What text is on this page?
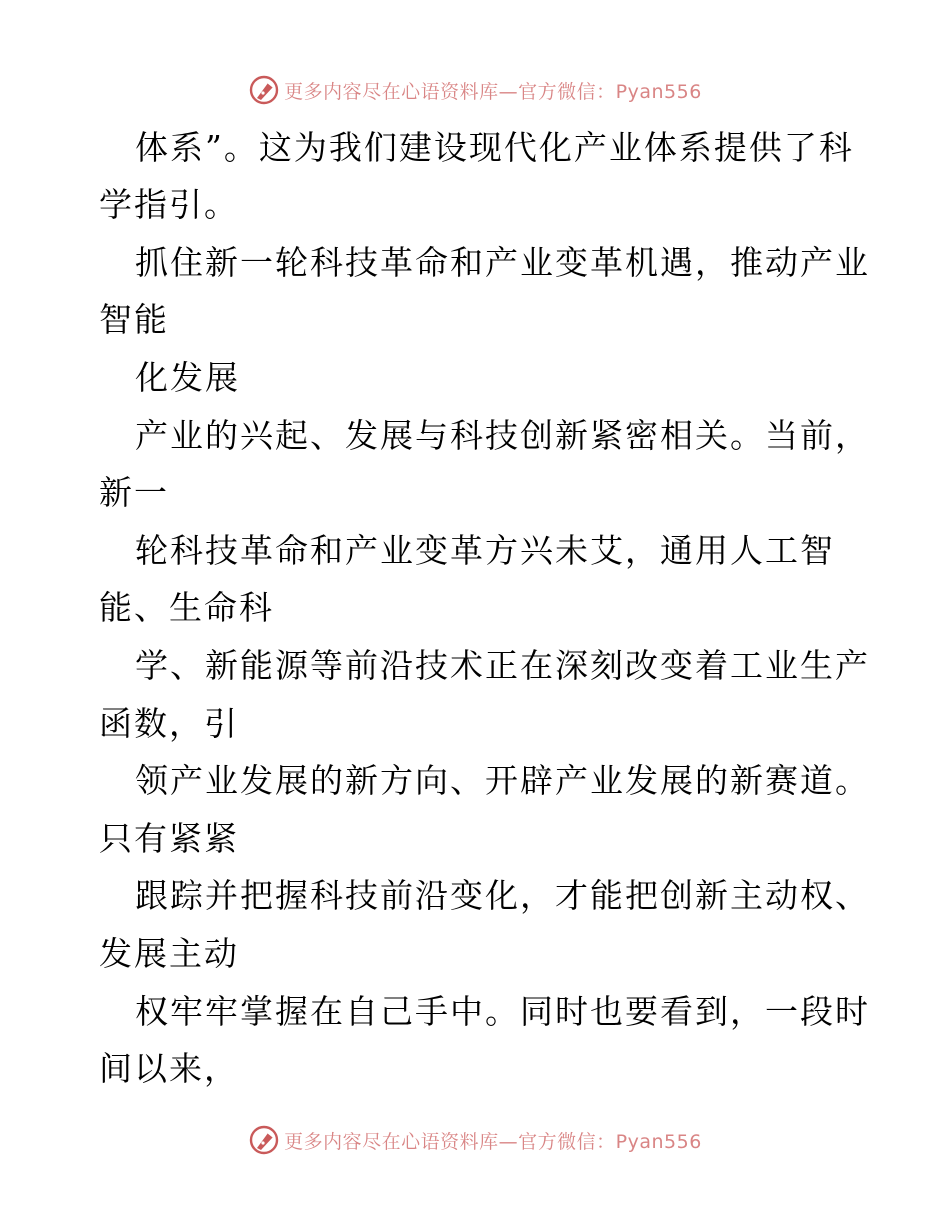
更多内容尽在心语资料库—官方微信：Pyan556
体系”。这为我们建设现代化产业体系提供了科
学指引。
抓住新一轮科技革命和产业变革机遇，推动产业
智能
化发展
产业的兴起、发展与科技创新紧密相关。当前，
新一
轮科技革命和产业变革方兴未艾，通用人工智
能、生命科
学、新能源等前沿技术正在深刻改变着工业生产
函数，引
领产业发展的新方向、开辟产业发展的新赛道。
只有紧紧
跟踪并把握科技前沿变化，才能把创新主动权、
发展主动
权牢牢掌握在自己手中。同时也要看到，一段时
间以来，
更多内容尽在心语资料库—官方微信：Pyan556
